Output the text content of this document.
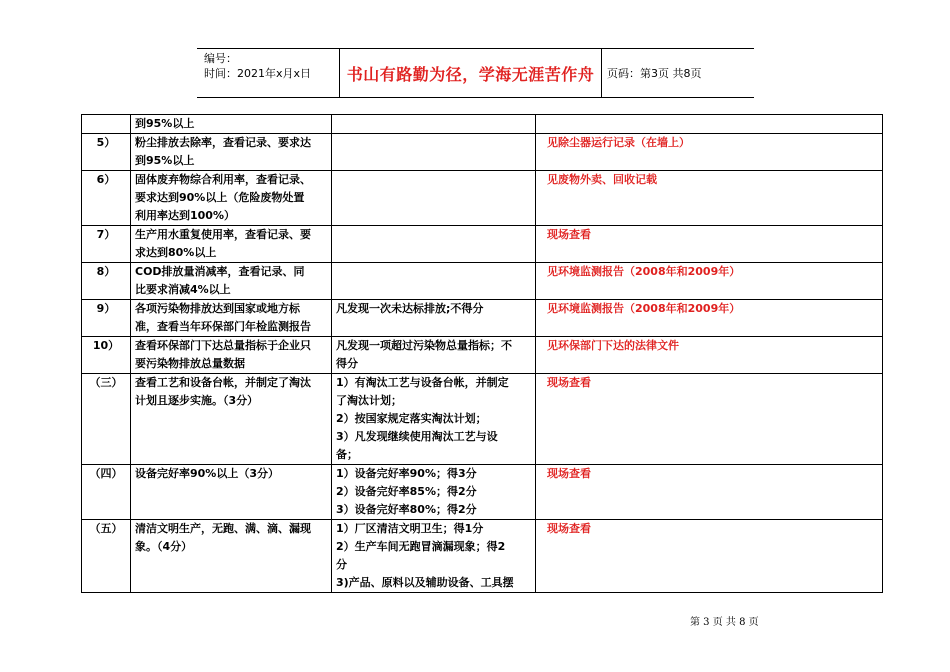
编号：
时间：2021年x月x日	书山有路勤为径，学海无涯苦作舟	页码：第3页 共8页

	到95%以上		

5）	粉尘排放去除率，查看记录、要求达
到95%以上		见除尘器运行记录（在墙上）
6）	固体废弃物综合利用率，查看记录、
要求达到90%以上（危险废物处置
利用率达到100%）		见废物外卖、回收记载
7）	生产用水重复使用率，查看记录、要
求达到80%以上		现场查看
8）	COD排放量消减率，查看记录、同
比要求消减4%以上		见环境监测报告（2008年和2009年）
9）	各项污染物排放达到国家或地方标
准，查看当年环保部门年检监测报告	凡发现一次未达标排放;不得分	见环境监测报告（2008年和2009年）
10）	查看环保部门下达总量指标于企业只
要污染物排放总量数据	凡发现一项超过污染物总量指标；不
得分	见环保部门下达的法律文件
（三）	查看工艺和设备台帐，并制定了淘汰
计划且逐步实施。（3分）	1）有淘汰工艺与设备台帐，并制定
了淘汰计划；
2）按国家规定落实淘汰计划；
3）凡发现继续使用淘汰工艺与设
备；	现场查看
（四）	设备完好率90%以上（3分）	1）设备完好率90%；得3分
2）设备完好率85%；得2分
3）设备完好率80%；得2分	现场查看
（五）	清洁文明生产，无跑、满、滴、漏现
象。（4分）	1）厂区清洁文明卫生；得1分
2）生产车间无跑冒滴漏现象；得2
分
3)产品、原料以及辅助设备、工具摆	现场查看
第 3 页 共 8 页
